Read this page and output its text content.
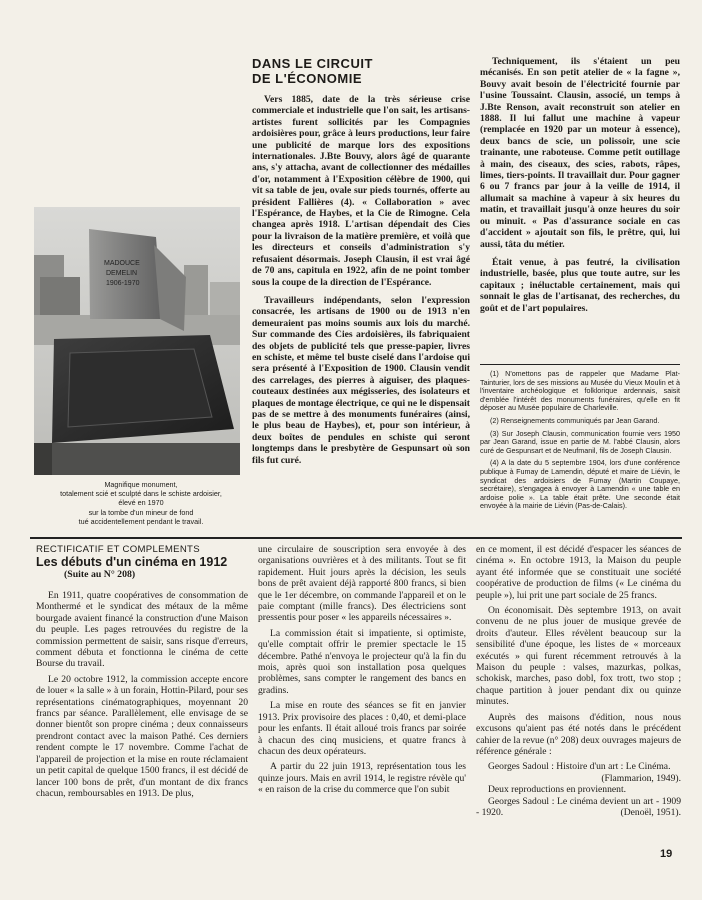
MADOUCE
DEMELIN
1906-1970
Magnifique monument,
totalement scié et sculpté dans le schiste ardoisier,
élevé en 1970
sur la tombe d'un mineur de fond
tué accidentellement pendant le travail.
DANS LE CIRCUIT
DE L'ÉCONOMIE

Vers 1885, date de la très sérieuse crise commerciale et industrielle que l'on sait, les artisans-artistes furent sollicités par les Compagnies ardoisières pour, grâce à leurs productions, leur faire une publicité de marque lors des expositions internationales. J.Bte Bouvy, alors âgé de quarante ans, s'y attacha, avant de collectionner des médailles d'or, notamment à l'Exposition célèbre de 1900, qui vit sa table de jeu, ovale sur pieds tournés, offerte au président Fallières (4). « Collaboration » avec l'Espérance, de Haybes, et la Cie de Rimogne. Cela changea après 1918. L'artisan dépendait des Cies pour la livraison de la matière première, et voilà que les directeurs et conseils d'administration s'y refusaient désormais. Joseph Clausin, il est vrai âgé de 70 ans, capitula en 1922, afin de ne point tomber sous la coupe de la direction de l'Espérance.

Travailleurs indépendants, selon l'expression consacrée, les artisans de 1900 ou de 1913 n'en demeuraient pas moins soumis aux lois du marché. Sur commande des Cies ardoisières, ils fabriquaient des objets de publicité tels que presse-papier, livres en schiste, et même tel buste ciselé dans l'ardoise qui sera présenté à l'Exposition de 1900. Clausin vendit des carrelages, des pierres à aiguiser, des plaques-couteaux destinées aux mégisseries, des isolateurs et plaques de montage électrique, ce qui ne le dispensait pas de se mettre à des monuments funéraires (ainsi, le plus beau de Haybes), et, pour son intérieur, à deux boîtes de pendules en schiste qui seront longtemps dans le presbytère de Gespunsart où son fils fut curé.

Techniquement, ils s'étaient un peu mécanisés. En son petit atelier de « la fagne », Bouvy avait besoin de l'électricité fournie par l'usine Toussaint. Clausin, associé, un temps à J.Bte Renson, avait reconstruit son atelier en 1888. Il lui fallut une machine à vapeur (remplacée en 1920 par un moteur à essence), deux bancs de scie, un polissoir, une scie trainante, une raboteuse. Comme petit outillage à main, des ciseaux, des scies, rabots, râpes, limes, tiers-points. Il travaillait dur. Pour gagner 6 ou 7 francs par jour à la veille de 1914, il allumait sa machine à vapeur à six heures du matin, et travaillait jusqu'à onze heures du soir ou minuit. « Pas d'assurance sociale en cas d'accident » ajoutait son fils, le prêtre, qui, lui aussi, tâta du métier.

Était venue, à pas feutré, la civilisation industrielle, basée, plus que toute autre, sur les capitaux ; inéluctable certainement, mais qui sonnait le glas de l'artisanat, des recherches, du goût et de l'art populaires.

(1) N'omettons pas de rappeler que Madame Plat-Tainturier, lors de ses missions au Musée du Vieux Moulin et à l'inventaire archéologique et folklorique ardennais, saisit d'emblée l'intérêt des monuments funéraires, qu'elle en fit déposer au Musée populaire de Charleville.

(2) Renseignements communiqués par Jean Garand.

(3) Sur Joseph Clausin, communication fournie vers 1950 par Jean Garand, issue en partie de M. l'abbé Clausin, alors curé de Gespunsart et de Neufmanil, fils de Joseph Clausin.

(4) A la date du 5 septembre 1904, lors d'une conférence publique à Fumay de Lamendin, député et maire de Liévin, le syndicat des ardoisiers de Fumay (Martin Coupaye, secrétaire), s'engagea à envoyer à Lamendin « une table en ardoise polie ». La table était prête. Une seconde était envoyée à la mairie de Liévin (Pas-de-Calais).

RECTIFICATIF ET COMPLEMENTS
Les débuts d'un cinéma en 1912
(Suite au N° 208)

En 1911, quatre coopératives de consommation de Monthermé et le syndicat des métaux de la même bourgade avaient financé la construction d'une Maison du peuple. Les pages retrouvées du registre de la commission permettent de saisir, sans risque d'erreurs, comment débuta et fonctionna le cinéma de cette Bourse du travail.

Le 20 octobre 1912, la commission accepte encore de louer « la salle » à un forain, Hottin-Pilard, pour ses représentations cinématographiques, moyennant 20 francs par séance. Parallèlement, elle envisage de se donner bientôt son propre cinéma ; deux connaisseurs prendront contact avec la maison Pathé. Ces derniers rendent compte le 17 novembre. Comme l'achat de l'appareil de projection et la mise en route réclamaient un petit capital de quelque 1500 francs, il est décidé de lancer 100 bons de prêt, d'un montant de dix francs chacun, remboursables en 1913. De plus,

une circulaire de souscription sera envoyée à des organisations ouvrières et à des militants. Tout se fit rapidement. Huit jours après la décision, les seuls bons de prêt avaient déjà rapporté 800 francs, si bien que le 1er décembre, on commande l'appareil et on le paie comptant (mille francs). Des électriciens sont pressentis pour poser « les appareils nécessaires ».

La commission était si impatiente, si optimiste, qu'elle comptait offrir le premier spectacle le 15 décembre. Pathé n'envoya le projecteur qu'à la fin du mois, après quoi son installation posa quelques problèmes, sans compter le rangement des bancs en gradins.

La mise en route des séances se fit en janvier 1913. Prix provisoire des places : 0,40, et demi-place pour les enfants. Il était alloué trois francs par soirée à chacun des cinq musiciens, et quatre francs à chacun des deux opérateurs.

A partir du 22 juin 1913, représentation tous les quinze jours. Mais en avril 1914, le registre révèle qu' « en raison de la crise du commerce que l'on subit

en ce moment, il est décidé d'espacer les séances de cinéma ». En octobre 1913, la Maison du peuple ayant été informée que se constituait une société coopérative de production de films (« Le cinéma du peuple »), lui prit une part sociale de 25 francs.

On économisait. Dès septembre 1913, on avait convenu de ne plus jouer de musique grevée de droits d'auteur. Elles révèlent beaucoup sur la sensibilité d'une époque, les listes de « morceaux exécutés » qui furent récemment retrouvés à la Maison du peuple : valses, mazurkas, polkas, schokisk, marches, paso dobl, fox trott, two stop ; chaque partition à jouer pendant dix ou quinze minutes.

Auprès des maisons d'édition, nous nous excusons qu'aient pas été notés dans le précédent cahier de la revue (n° 208) deux ouvrages majeurs de référence générale :

Georges Sadoul : Histoire d'un art : Le Cinéma.
(Flammarion, 1949).
Deux reproductions en proviennent.
Georges Sadoul : Le cinéma devient un art - 1909 - 1920.	(Denoël, 1951).
19
